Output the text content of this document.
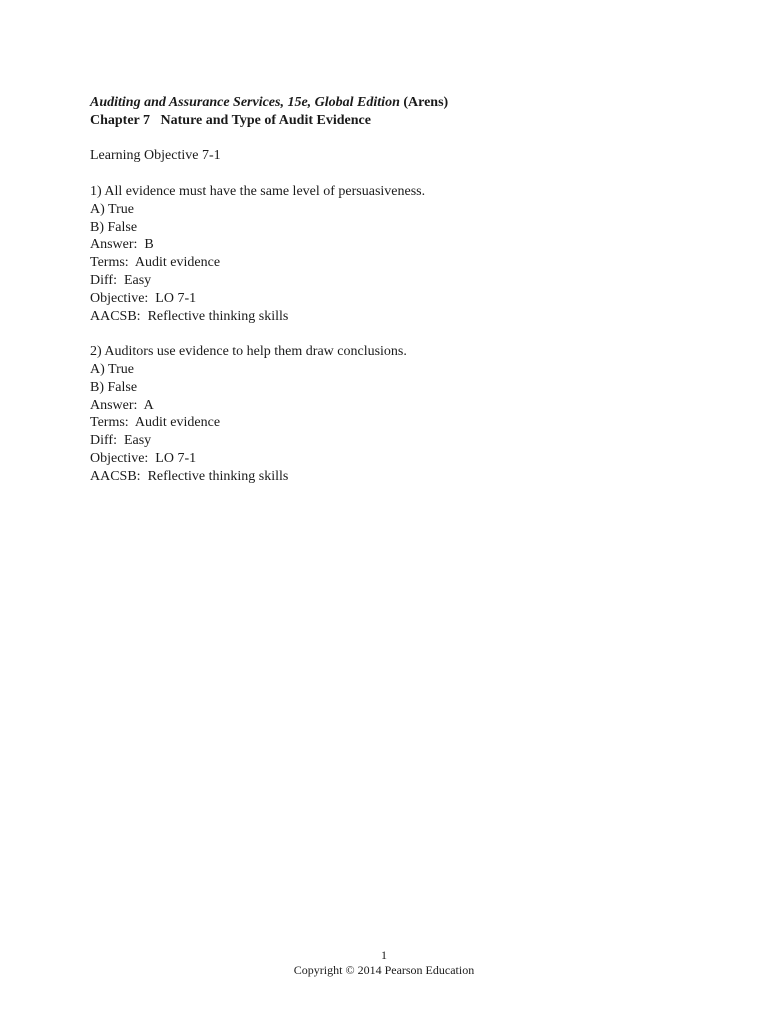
Auditing and Assurance Services, 15e, Global Edition (Arens)
Chapter 7   Nature and Type of Audit Evidence
Learning Objective 7-1
1) All evidence must have the same level of persuasiveness.
A) True
B) False
Answer:  B
Terms:  Audit evidence
Diff:  Easy
Objective:  LO 7-1
AACSB:  Reflective thinking skills
2) Auditors use evidence to help them draw conclusions.
A) True
B) False
Answer:  A
Terms:  Audit evidence
Diff:  Easy
Objective:  LO 7-1
AACSB:  Reflective thinking skills
1
Copyright © 2014 Pearson Education
